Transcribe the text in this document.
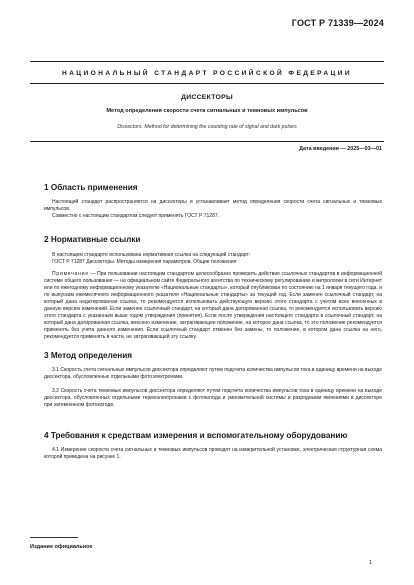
ГОСТ Р 71339—2024
НАЦИОНАЛЬНЫЙ СТАНДАРТ РОССИЙСКОЙ ФЕДЕРАЦИИ
ДИССЕКТОРЫ
Метод определения скорости счета сигнальных и темновых импульсов
Dissectors. Method for determining the counting rate of signal and dark pulses
Дата введения — 2025—03—01
1 Область применения
Настоящий стандарт распространяется на диссекторы и устанавливает метод определения скорости счета сигнальных и темновых импульсов.
Совместно с настоящим стандартом следует применять ГОСТ Р 71287.
2 Нормативные ссылки
В настоящем стандарте использована нормативная ссылка на следующий стандарт:
ГОСТ Р 71287 Диссекторы. Методы измерения параметров. Общие положения
Примечание — При пользовании настоящим стандартом целесообразно проверить действие ссылочных стандартов в информационной системе общего пользования — на официальном сайте Федерального агентства по техническому регулированию и метрологии в сети Интернет или по ежегодному информационному указателю «Национальные стандарты», который опубликован по состоянию на 1 января текущего года, и по выпускам ежемесячного информационного указателя «Национальные стандарты» за текущий год. Если заменен ссылочный стандарт, на который дана недатированная ссылка, то рекомендуется использовать действующую версию этого стандарта с учетом всех внесенных в данную версию изменений. Если заменен ссылочный стандарт, на который дана датированная ссылка, то рекомендуется использовать версию этого стандарта с указанным выше годом утверждения (принятия). Если после утверждения настоящего стандарта в ссылочный стандарт, на который дана датированная ссылка, внесено изменение, затрагивающее положение, на которое дана ссылка, то это положение рекомендуется применять без учета данного изменения. Если ссылочный стандарт отменен без замены, то положение, в котором дана ссылка на него, рекомендуется применять в части, не затрагивающей эту ссылку.
3 Метод определения
3.1 Скорость счета сигнальных импульсов диссектора определяют путем подсчета количества импульсов тока в единицу времени на выходе диссектора, обусловленных отдельными фотоэлектронами.
3.2 Скорость счета темновых импульсов диссектора определяют путем подсчета количества импульсов тока в единицу времени на выходе диссектора, обусловленных отдельными термоэлектронами с фотокатода и умножительной системы и разрядными явлениями в диссекторе при затемненном фотокатоде.
4 Требования к средствам измерения и вспомогательному оборудованию
4.1 Измерение скорости счета сигнальных и темновых импульсов проводят на измерительной установке, электрическая структурная схема которой приведена на рисунке 1.
Издание официальное
1
